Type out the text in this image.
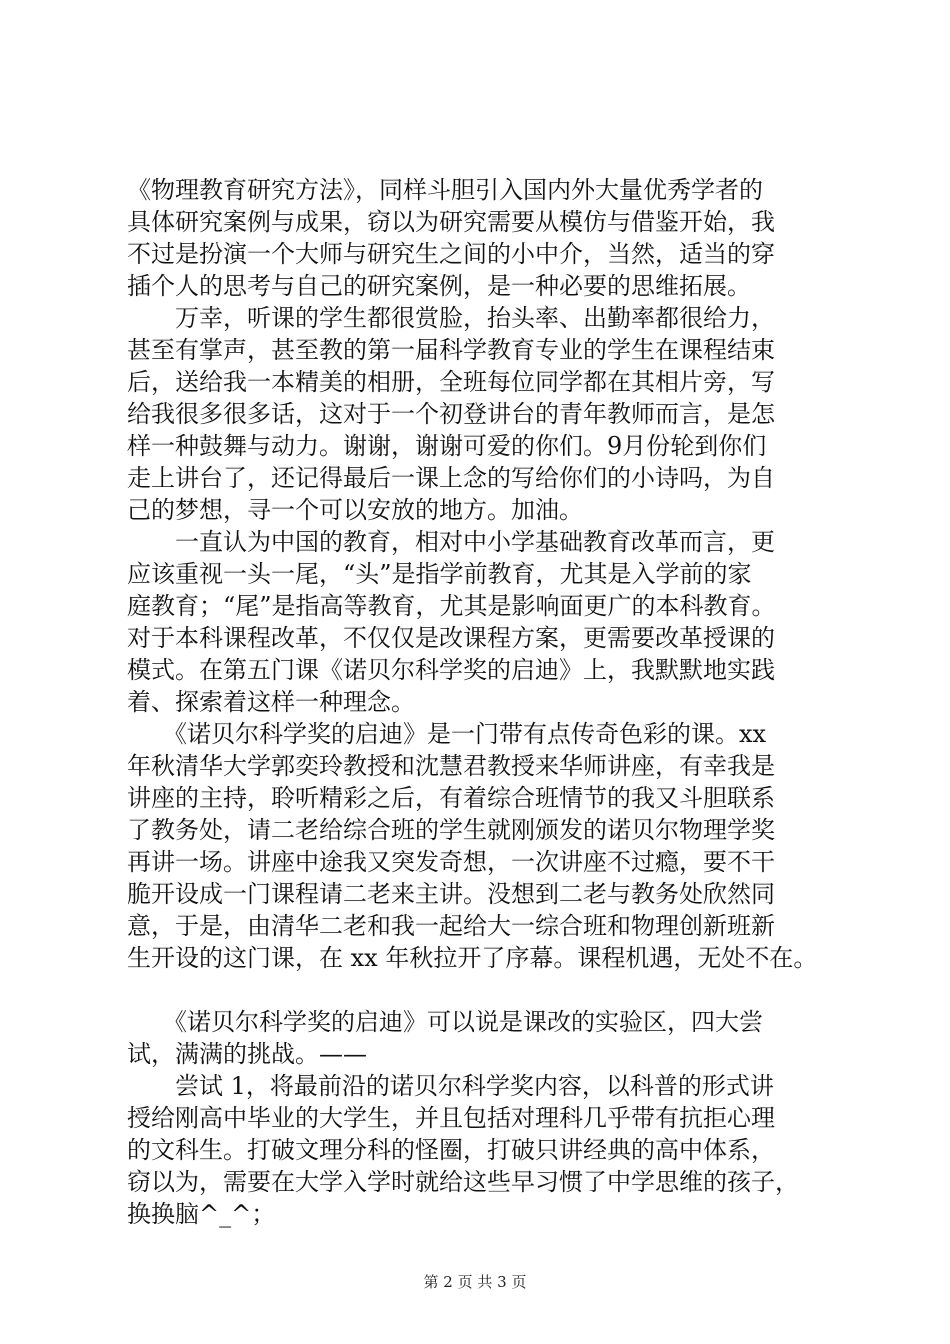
《物理教育研究方法》，同样斗胆引入国内外大量优秀学者的
具体研究案例与成果，窃以为研究需要从模仿与借鉴开始，我
不过是扮演一个大师与研究生之间的小中介，当然，适当的穿
插个人的思考与自己的研究案例，是一种必要的思维拓展。
　　万幸，听课的学生都很赏脸，抬头率、出勤率都很给力，
甚至有掌声，甚至教的第一届科学教育专业的学生在课程结束
后，送给我一本精美的相册，全班每位同学都在其相片旁，写
给我很多很多话，这对于一个初登讲台的青年教师而言，是怎
样一种鼓舞与动力。谢谢，谢谢可爱的你们。9月份轮到你们
走上讲台了，还记得最后一课上念的写给你们的小诗吗，为自
己的梦想，寻一个可以安放的地方。加油。
　　一直认为中国的教育，相对中小学基础教育改革而言，更
应该重视一头一尾，“头”是指学前教育，尤其是入学前的家
庭教育；“尾”是指高等教育，尤其是影响面更广的本科教育。
对于本科课程改革，不仅仅是改课程方案，更需要改革授课的
模式。在第五门课《诺贝尔科学奖的启迪》上，我默默地实践
着、探索着这样一种理念。
　　《诺贝尔科学奖的启迪》是一门带有点传奇色彩的课。xx
年秋清华大学郭奕玲教授和沈慧君教授来华师讲座，有幸我是
讲座的主持，聆听精彩之后，有着综合班情节的我又斗胆联系
了教务处，请二老给综合班的学生就刚颁发的诺贝尔物理学奖
再讲一场。讲座中途我又突发奇想，一次讲座不过瘾，要不干
脆开设成一门课程请二老来主讲。没想到二老与教务处欣然同
意，于是，由清华二老和我一起给大一综合班和物理创新班新
生开设的这门课，在 xx 年秋拉开了序幕。课程机遇，无处不在。
　　《诺贝尔科学奖的启迪》可以说是课改的实验区，四大尝
试，满满的挑战。——
　　尝试 1，将最前沿的诺贝尔科学奖内容，以科普的形式讲
授给刚高中毕业的大学生，并且包括对理科几乎带有抗拒心理
的文科生。打破文理分科的怪圈，打破只讲经典的高中体系，
窃以为，需要在大学入学时就给这些早习惯了中学思维的孩子，
换换脑^_^；
第 2 页 共 3 页
